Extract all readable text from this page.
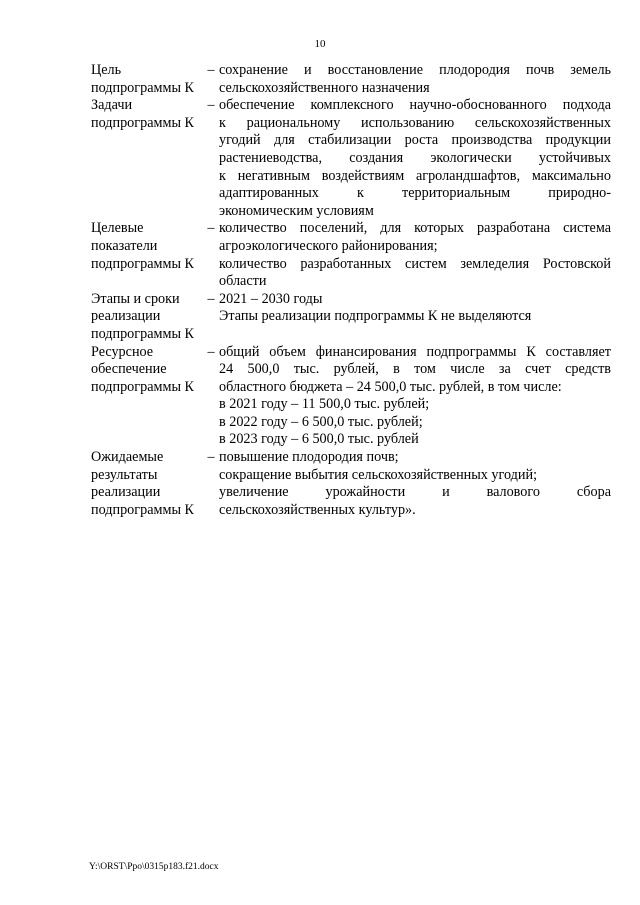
10
Цель
подпрограммы К
– сохранение и восстановление плодородия почв земель
сельскохозяйственного назначения
Задачи
подпрограммы К
– обеспечение комплексного научно-обоснованного подхода
к рациональному использованию сельскохозяйственных
угодий для стабилизации роста производства продукции
растениеводства, создания экологически устойчивых
к негативным воздействиям агроландшафтов, максимально
адаптированных к территориальным природно-
экономическим условиям
Целевые
показатели
подпрограммы К
– количество поселений, для которых разработана система
агроэкологического районирования;
количество разработанных систем земледелия Ростовской
области
Этапы и сроки
реализации
подпрограммы К
– 2021 – 2030 годы
Этапы реализации подпрограммы К не выделяются
Ресурсное
обеспечение
подпрограммы К
– общий объем финансирования подпрограммы К составляет
24 500,0 тыс. рублей, в том числе за счет средств
областного бюджета – 24 500,0 тыс. рублей, в том числе:
в 2021 году – 11 500,0 тыс. рублей;
в 2022 году – 6 500,0 тыс. рублей;
в 2023 году – 6 500,0 тыс. рублей
Ожидаемые
результаты
реализации
подпрограммы К
– повышение плодородия почв;
сокращение выбытия сельскохозяйственных угодий;
увеличение урожайности и валового сбора
сельскохозяйственных культур».
Y:\ORST\Ppo\0315p183.f21.docx
